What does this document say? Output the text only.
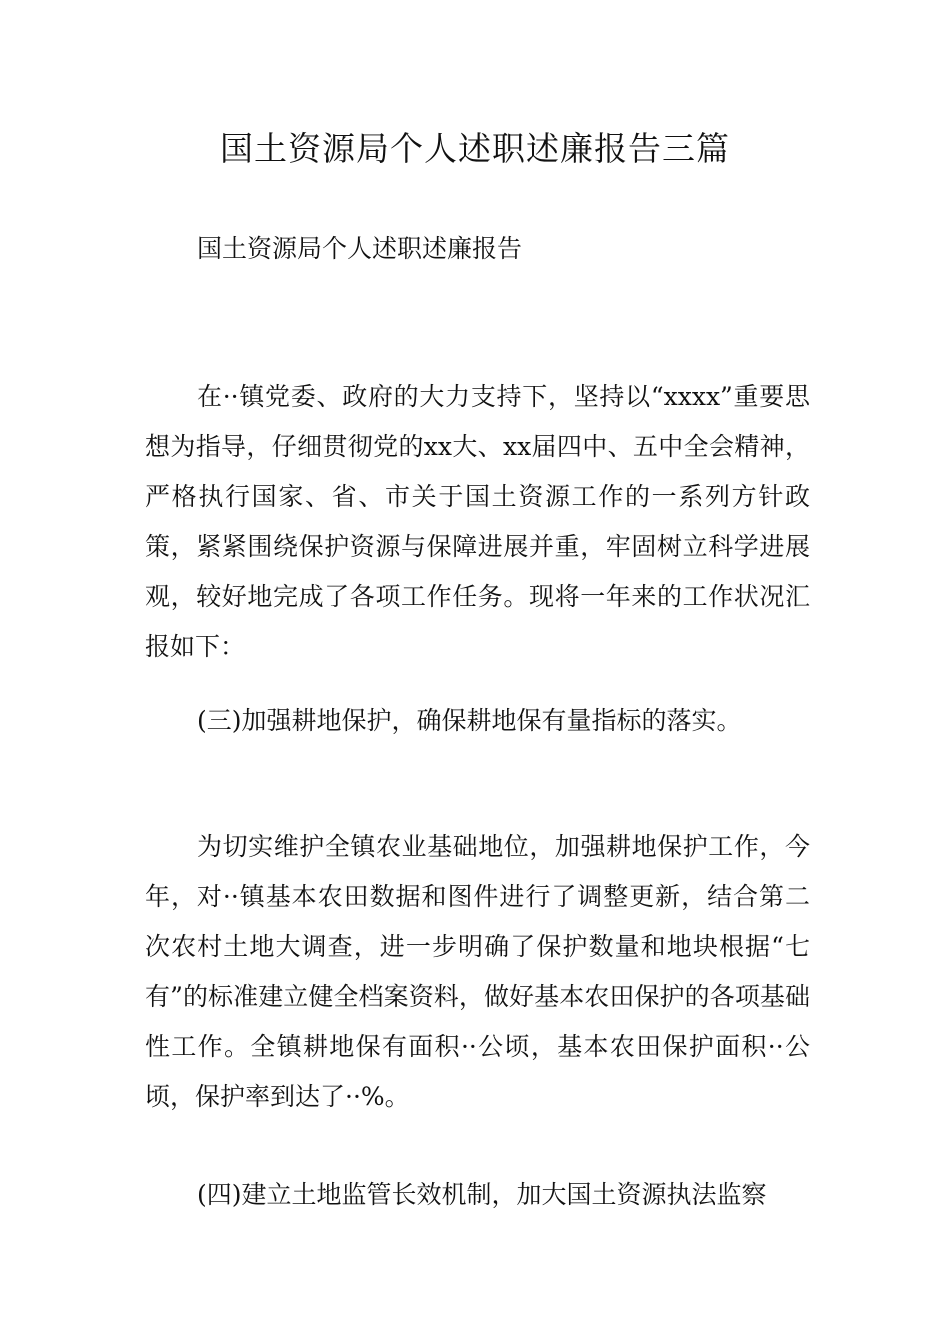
国土资源局个人述职述廉报告三篇

国土资源局个人述职述廉报告

在··镇党委、政府的大力支持下，坚持以“xxxx”重要思想为指导，仔细贯彻党的xx大、xx届四中、五中全会精神，严格执行国家、省、市关于国土资源工作的一系列方针政策，紧紧围绕保护资源与保障进展并重，牢固树立科学进展观，较好地完成了各项工作任务。现将一年来的工作状况汇报如下：

(三)加强耕地保护，确保耕地保有量指标的落实。

为切实维护全镇农业基础地位，加强耕地保护工作，今年，对··镇基本农田数据和图件进行了调整更新，结合第二次农村土地大调查，进一步明确了保护数量和地块根据“七有”的标准建立健全档案资料，做好基本农田保护的各项基础性工作。全镇耕地保有面积··公顷，基本农田保护面积··公顷，保护率到达了··%。

(四)建立土地监管长效机制，加大国土资源执法监察
